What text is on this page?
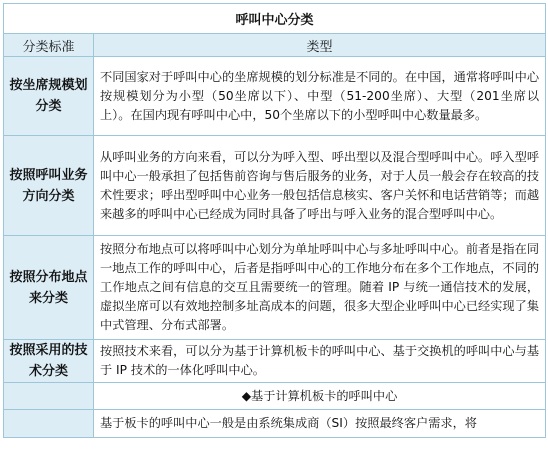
呼叫中心分类	
分类标准	类型
按坐席规模划分类	不同国家对于呼叫中心的坐席规模的划分标准是不同的。在中国，通常将呼叫中心按规模划分为小型（50坐席以下）、中型（51-200坐席）、大型（201坐席以上）。在国内现有呼叫中心中，50个坐席以下的小型呼叫中心数量最多。
按照呼叫业务方向分类	从呼叫业务的方向来看，可以分为呼入型、呼出型以及混合型呼叫中心。呼入型呼叫中心一般承担了包括售前咨询与售后服务的业务，对于人员一般会存在较高的技术性要求；呼出型呼叫中心业务一般包括信息核实、客户关怀和电话营销等；而越来越多的呼叫中心已经成为同时具备了呼出与呼入业务的混合型呼叫中心。
按照分布地点来分类	按照分布地点可以将呼叫中心划分为单址呼叫中心与多址呼叫中心。前者是指在同一地点工作的呼叫中心，后者是指呼叫中心的工作地分布在多个工作地点，不同的工作地点之间有信息的交互且需要统一的管理。随着 IP 与统一通信技术的发展，虚拟坐席可以有效地控制多址高成本的问题，很多大型企业呼叫中心已经实现了集中式管理、分布式部署。
按照采用的技术分类	按照技术来看，可以分为基于计算机板卡的呼叫中心、基于交换机的呼叫中心与基于 IP 技术的一体化呼叫中心。
	◆基于计算机板卡的呼叫中心
	基于板卡的呼叫中心一般是由系统集成商（SI）按照最终客户需求，将
